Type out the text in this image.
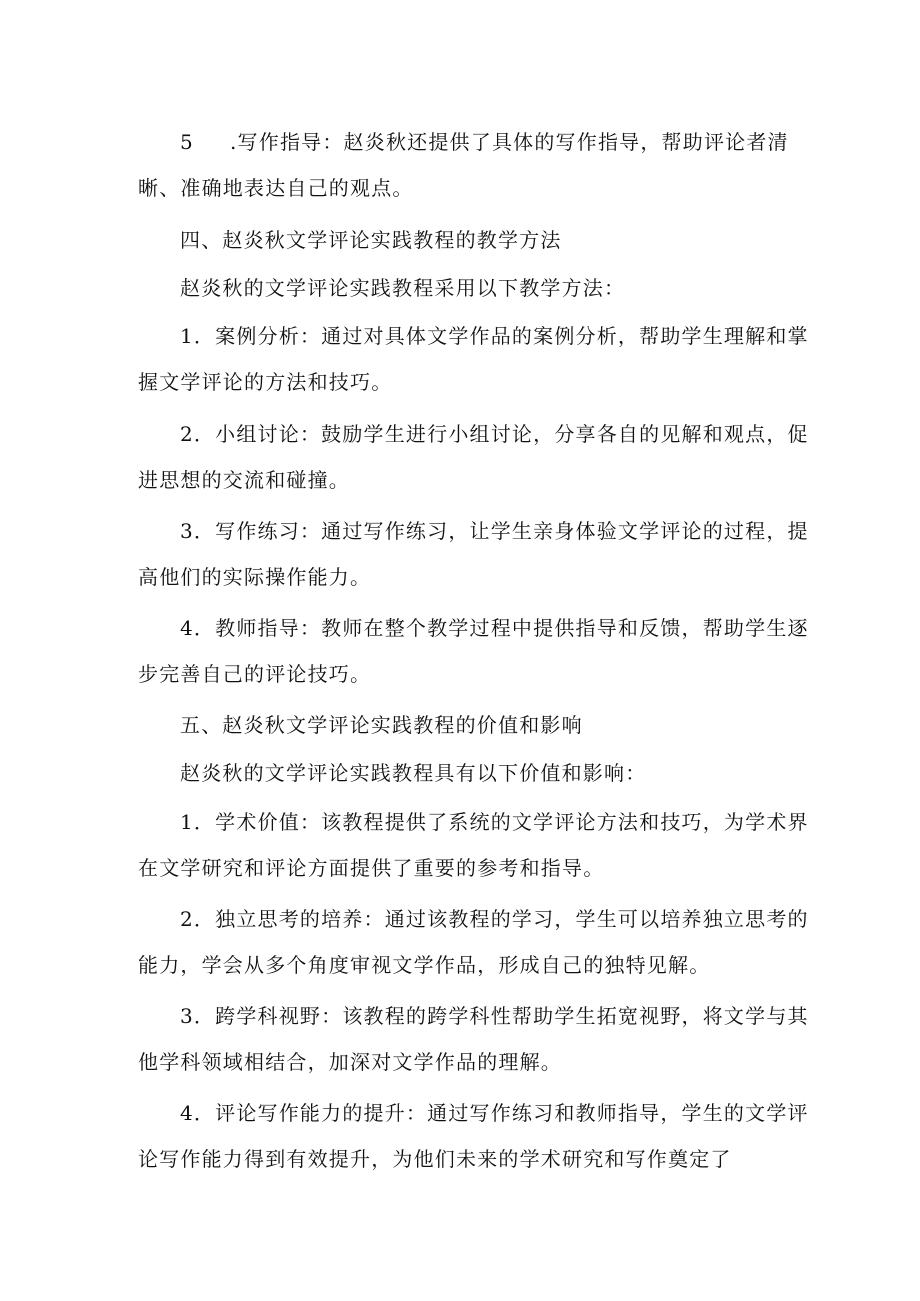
5 .写作指导：赵炎秋还提供了具体的写作指导，帮助评论者清
晰、准确地表达自己的观点。
四、赵炎秋文学评论实践教程的教学方法
赵炎秋的文学评论实践教程采用以下教学方法：
1．案例分析：通过对具体文学作品的案例分析，帮助学生理解和掌
握文学评论的方法和技巧。
2．小组讨论：鼓励学生进行小组讨论，分享各自的见解和观点，促
进思想的交流和碰撞。
3．写作练习：通过写作练习，让学生亲身体验文学评论的过程，提
高他们的实际操作能力。
4．教师指导：教师在整个教学过程中提供指导和反馈，帮助学生逐
步完善自己的评论技巧。
五、赵炎秋文学评论实践教程的价值和影响
赵炎秋的文学评论实践教程具有以下价值和影响：
1．学术价值：该教程提供了系统的文学评论方法和技巧，为学术界
在文学研究和评论方面提供了重要的参考和指导。
2．独立思考的培养：通过该教程的学习，学生可以培养独立思考的
能力，学会从多个角度审视文学作品，形成自己的独特见解。
3．跨学科视野：该教程的跨学科性帮助学生拓宽视野，将文学与其
他学科领域相结合，加深对文学作品的理解。
4．评论写作能力的提升：通过写作练习和教师指导，学生的文学评
论写作能力得到有效提升，为他们未来的学术研究和写作奠定了
